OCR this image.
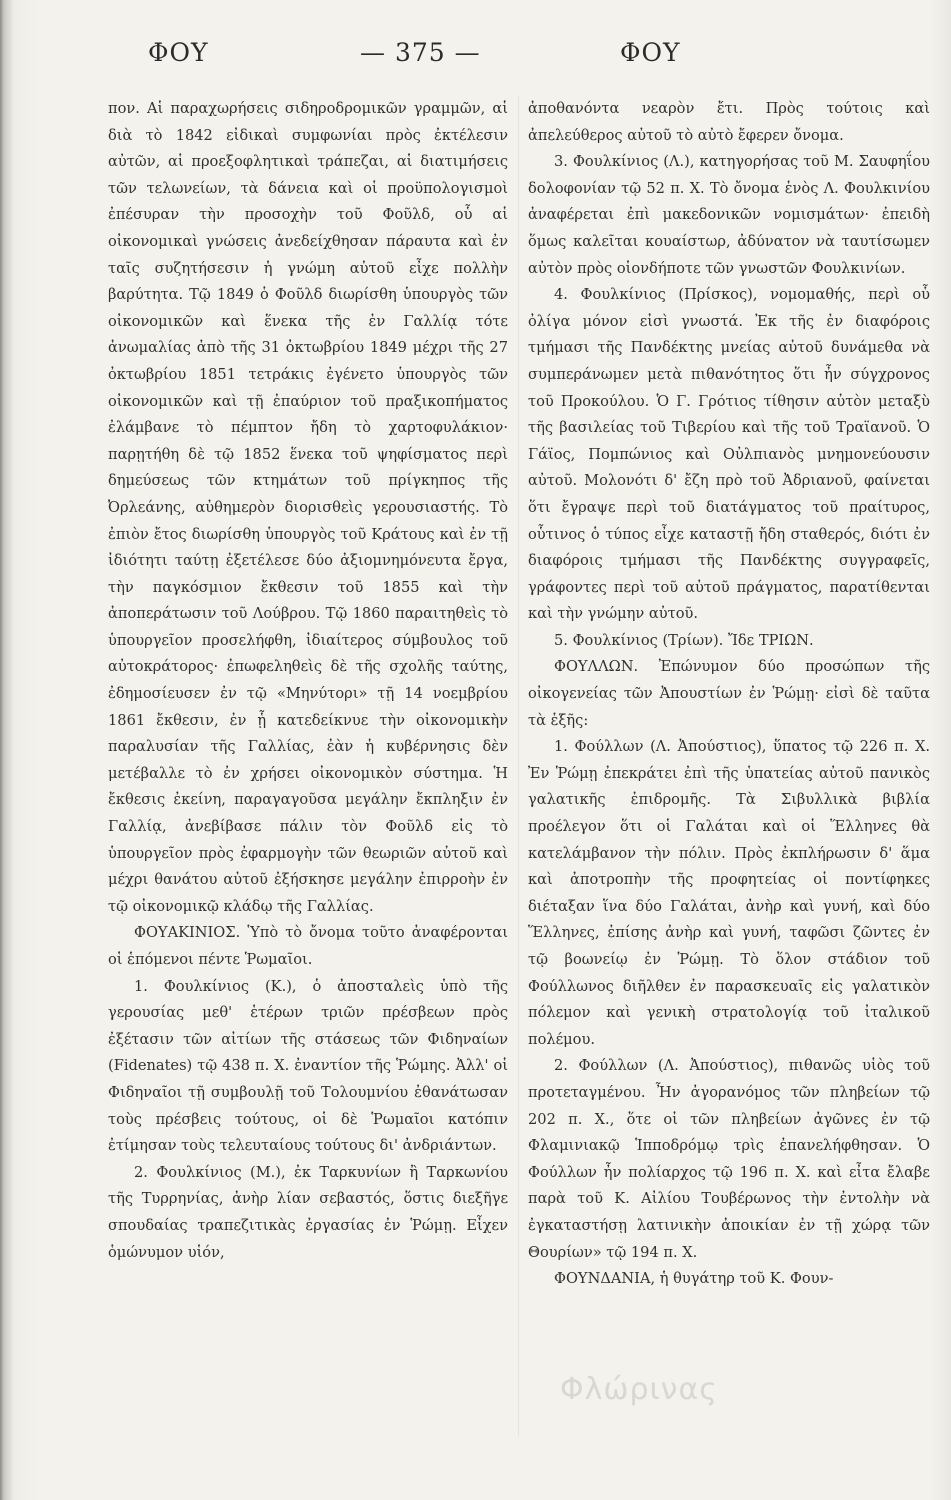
ΦΟΥ	— 375 —	ΦΟΥ

πον. Αἱ παραχωρήσεις σιδηροδρομικῶν γραμμῶν, αἱ διὰ τὸ 1842 εἰδικαὶ συμφωνίαι πρὸς ἐκτέλεσιν αὐτῶν, αἱ προεξοφλητικαὶ τράπεζαι, αἱ διατιμήσεις τῶν τελωνείων, τὰ δάνεια καὶ οἱ προϋπολογισμοὶ ἐπέσυραν τὴν προσοχὴν τοῦ Φοῦλδ, οὗ αἱ οἰκονομικαὶ γνώσεις ἀνεδείχθησαν πάραυτα καὶ ἐν ταῖς συζητήσεσιν ἡ γνώμη αὐτοῦ εἶχε πολλὴν βαρύτητα. Τῷ 1849 ὁ Φοῦλδ διωρίσθη ὑπουργὸς τῶν οἰκονομικῶν καὶ ἕνεκα τῆς ἐν Γαλλίᾳ τότε ἀνωμαλίας ἀπὸ τῆς 31 ὀκτωβρίου 1849 μέχρι τῆς 27 ὀκτωβρίου 1851 τετράκις ἐγένετο ὑπουργὸς τῶν οἰκονομικῶν καὶ τῇ ἐπαύριον τοῦ πραξικοπήματος ἐλάμβανε τὸ πέμπτον ἤδη τὸ χαρτοφυλάκιον· παρῃτήθη δὲ τῷ 1852 ἕνεκα τοῦ ψηφίσματος περὶ δημεύσεως τῶν κτημάτων τοῦ πρίγκηπος τῆς Ὀρλεάνης, αὐθημερὸν διορισθεὶς γερουσιαστής. Τὸ ἐπιὸν ἔτος διωρίσθη ὑπουργὸς τοῦ Κράτους καὶ ἐν τῇ ἰδιότητι ταύτῃ ἐξετέλεσε δύο ἀξιομνημόνευτα ἔργα, τὴν παγκόσμιον ἔκθεσιν τοῦ 1855 καὶ τὴν ἀποπεράτωσιν τοῦ Λούβρου. Τῷ 1860 παραιτηθεὶς τὸ ὑπουργεῖον προσελήφθη, ἰδιαίτερος σύμβουλος τοῦ αὐτοκράτορος· ἐπωφεληθεὶς δὲ τῆς σχολῆς ταύτης, ἐδημοσίευσεν ἐν τῷ «Μηνύτορι» τῇ 14 νοεμβρίου 1861 ἔκθεσιν, ἐν ᾗ κατεδείκνυε τὴν οἰκονομικὴν παραλυσίαν τῆς Γαλλίας, ἐὰν ἡ κυβέρνησις δὲν μετέβαλλε τὸ ἐν χρήσει οἰκονομικὸν σύστημα. Ἡ ἔκθεσις ἐκείνη, παραγαγοῦσα μεγάλην ἔκπληξιν ἐν Γαλλίᾳ, ἀνεβίβασε πάλιν τὸν Φοῦλδ εἰς τὸ ὑπουργεῖον πρὸς ἐφαρμογὴν τῶν θεωριῶν αὐτοῦ καὶ μέχρι θανάτου αὐτοῦ ἐξήσκησε μεγάλην ἐπιρροὴν ἐν τῷ οἰκονομικῷ κλάδῳ τῆς Γαλλίας.

ΦΟΥΑΚΙΝΙΟΣ. Ὑπὸ τὸ ὄνομα τοῦτο ἀναφέρονται οἱ ἑπόμενοι πέντε Ῥωμαῖοι.

1. Φουλκίνιος (Κ.), ὁ ἀποσταλεὶς ὑπὸ τῆς γερουσίας μεθ' ἑτέρων τριῶν πρέσβεων πρὸς ἐξέτασιν τῶν αἰτίων τῆς στάσεως τῶν Φιδηναίων (Fidenates) τῷ 438 π. Χ. ἐναντίον τῆς Ῥώμης. Ἀλλ' οἱ Φιδηναῖοι τῇ συμβουλῇ τοῦ Τολουμνίου ἐθανάτωσαν τοὺς πρέσβεις τούτους, οἱ δὲ Ῥωμαῖοι κατόπιν ἐτίμησαν τοὺς τελευταίους τούτους δι' ἀνδριάντων.

2. Φουλκίνιος (Μ.), ἐκ Ταρκυνίων ἢ Ταρκωνίου τῆς Τυρρηνίας, ἀνὴρ λίαν σεβαστός, ὅστις διεξῆγε σπουδαίας τραπεζιτικὰς ἐργασίας ἐν Ῥώμῃ. Εἶχεν ὁμώνυμον υἱόν,

ἀποθανόντα νεαρὸν ἔτι. Πρὸς τούτοις καὶ ἀπελεύθερος αὐτοῦ τὸ αὐτὸ ἔφερεν ὄνομα.

3. Φουλκίνιος (Λ.), κατηγορήσας τοῦ Μ. Σαυφηΐου δολοφονίαν τῷ 52 π. Χ. Τὸ ὄνομα ἑνὸς Λ. Φουλκινίου ἀναφέρεται ἐπὶ μακεδονικῶν νομισμάτων· ἐπειδὴ ὅμως καλεῖται κουαίστωρ, ἀδύνατον νὰ ταυτίσωμεν αὐτὸν πρὸς οἱονδήποτε τῶν γνωστῶν Φουλκινίων.

4. Φουλκίνιος (Πρίσκος), νομομαθής, περὶ οὗ ὀλίγα μόνον εἰσὶ γνωστά. Ἐκ τῆς ἐν διαφόροις τμήμασι τῆς Πανδέκτης μνείας αὐτοῦ δυνάμεθα νὰ συμπεράνωμεν μετὰ πιθανότητος ὅτι ἦν σύγχρονος τοῦ Προκούλου. Ὁ Γ. Γρότιος τίθησιν αὐτὸν μεταξὺ τῆς βασιλείας τοῦ Τιβερίου καὶ τῆς τοῦ Τραϊανοῦ. Ὁ Γάϊος, Πομπώνιος καὶ Οὐλπιανὸς μνημονεύουσιν αὐτοῦ. Μολονότι δ' ἔζη πρὸ τοῦ Ἀδριανοῦ, φαίνεται ὅτι ἔγραψε περὶ τοῦ διατάγματος τοῦ πραίτυρος, οὗτινος ὁ τύπος εἶχε καταστῇ ἤδη σταθερός, διότι ἐν διαφόροις τμήμασι τῆς Πανδέκτης συγγραφεῖς, γράφοντες περὶ τοῦ αὐτοῦ πράγματος, παρατίθενται καὶ τὴν γνώμην αὐτοῦ.

5. Φουλκίνιος (Τρίων). Ἴδε ΤΡΙΩΝ.

ΦΟΥΛΛΩΝ. Ἐπώνυμον δύο προσώπων τῆς οἰκογενείας τῶν Ἀπουστίων ἐν Ῥώμῃ· εἰσὶ δὲ ταῦτα τὰ ἑξῆς:

1. Φούλλων (Λ. Ἀπούστιος), ὕπατος τῷ 226 π. Χ. Ἐν Ῥώμῃ ἐπεκράτει ἐπὶ τῆς ὑπατείας αὐτοῦ πανικὸς γαλατικῆς ἐπιδρομῆς. Τὰ Σιβυλλικὰ βιβλία προέλεγον ὅτι οἱ Γαλάται καὶ οἱ Ἕλληνες θὰ κατελάμβανον τὴν πόλιν. Πρὸς ἐκπλήρωσιν δ' ἅμα καὶ ἀποτροπὴν τῆς προφητείας οἱ ποντίφηκες διέταξαν ἵνα δύο Γαλάται, ἀνὴρ καὶ γυνή, καὶ δύο Ἕλληνες, ἐπίσης ἀνὴρ καὶ γυνή, ταφῶσι ζῶντες ἐν τῷ βοωνείῳ ἐν Ῥώμῃ. Τὸ ὅλον στάδιον τοῦ Φούλλωνος διῆλθεν ἐν παρασκευαῖς εἰς γαλατικὸν πόλεμον καὶ γενικὴ στρατολογίᾳ τοῦ ἰταλικοῦ πολέμου.

2. Φούλλων (Λ. Ἀπούστιος), πιθανῶς υἱὸς τοῦ προτεταγμένου. Ἦν ἀγορανόμος τῶν πληβείων τῷ 202 π. Χ., ὅτε οἱ τῶν πληβείων ἀγῶνες ἐν τῷ Φλαμινιακῷ Ἱπποδρόμῳ τρὶς ἐπανελήφθησαν. Ὁ Φούλλων ἦν πολίαρχος τῷ 196 π. Χ. καὶ εἶτα ἔλαβε παρὰ τοῦ Κ. Αἰλίου Τουβέρωνος τὴν ἐντολὴν νὰ ἐγκαταστήσῃ λατινικὴν ἀποικίαν ἐν τῇ χώρᾳ τῶν Θουρίων» τῷ 194 π. Χ.

ΦΟΥΝΔΑΝΙΑ, ἡ θυγάτηρ τοῦ Κ. Φουν-

Φλώρινας
